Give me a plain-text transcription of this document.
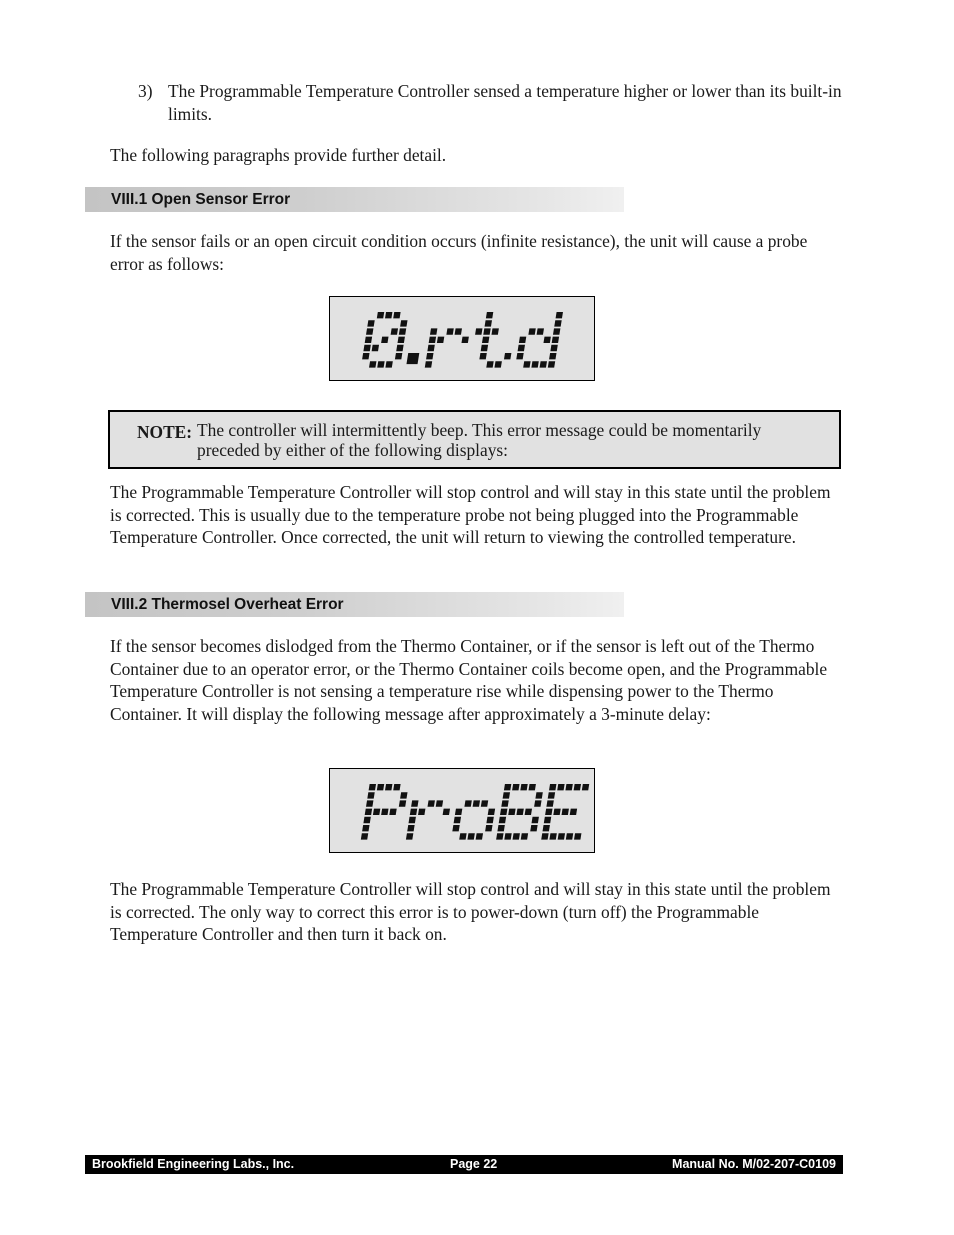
3) The Programmable Temperature Controller sensed a temperature higher or lower than its built-in limits.

The following paragraphs provide further detail.

VIII.1 Open Sensor Error

If the sensor fails or an open circuit condition occurs (infinite resistance), the unit will cause a probe error as follows:

NOTE: The controller will intermittently beep. This error message could be momentarily preceded by either of the following displays:

The Programmable Temperature Controller will stop control and will stay in this state until the problem is corrected. This is usually due to the temperature probe not being plugged into the Programmable Temperature Controller. Once corrected, the unit will return to viewing the controlled temperature.

VIII.2 Thermosel Overheat Error

If the sensor becomes dislodged from the Thermo Container, or if the sensor is left out of the Thermo Container due to an operator error, or the Thermo Container coils become open, and the Programmable Temperature Controller is not sensing a temperature rise while dispensing power to the Thermo Container. It will display the following message after approximately a 3-minute delay:

The Programmable Temperature Controller will stop control and will stay in this state until the problem is corrected. The only way to correct this error is to power-down (turn off) the Programmable Temperature Controller and then turn it back on.

Brookfield Engineering Labs., Inc.	Page 22	Manual No. M/02-207-C0109
